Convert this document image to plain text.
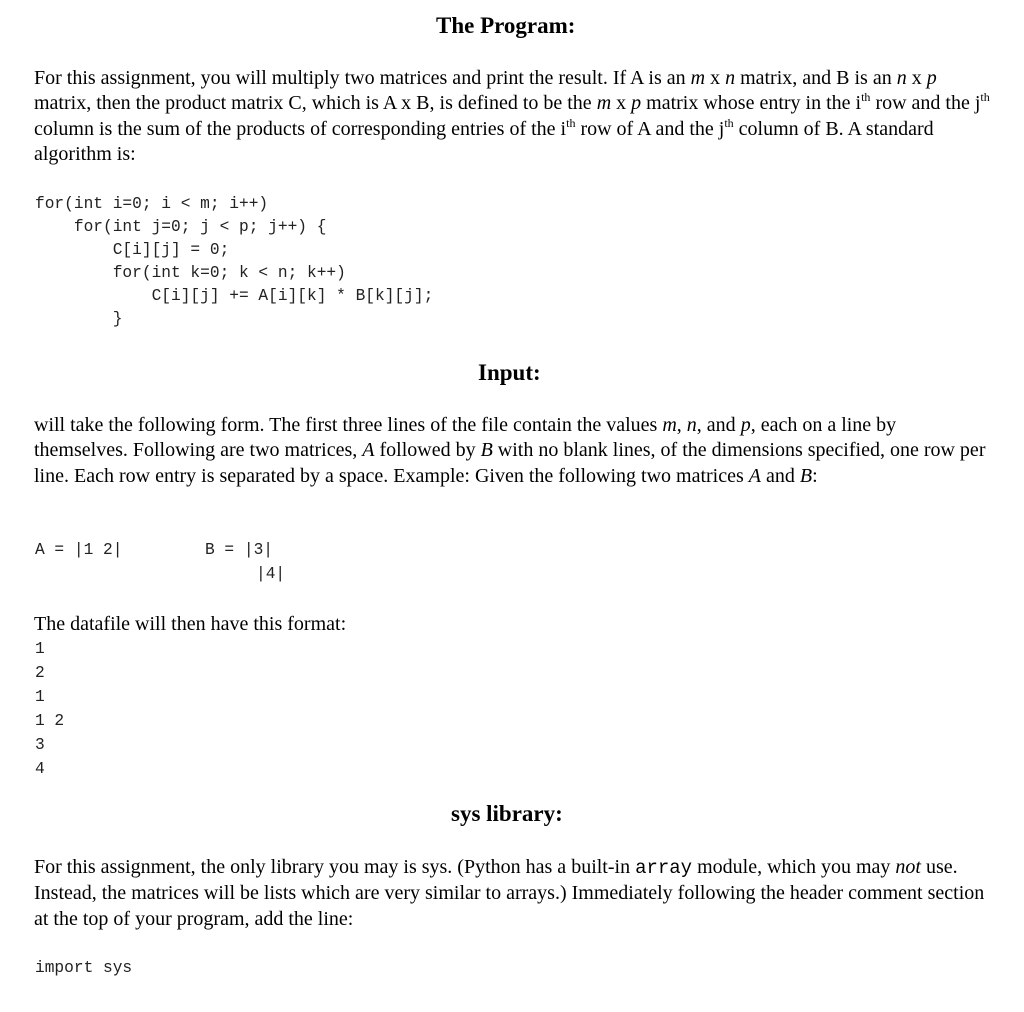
The Program:
For this assignment, you will multiply two matrices and print the result. If A is an m x n matrix, and B is an n x p matrix, then the product matrix C, which is A x B, is defined to be the m x p matrix whose entry in the $i^{th}$ row and the $j^{th}$ column is the sum of the products of corresponding entries of the $i^{th}$ row of A and the $j^{th}$ column of B. A standard algorithm is:
for(int i=0; i < m; i++)
for(int j=0; j < p; j++) {
C[i][j] = 0;
for(int k=0; k < n; k++)
C[i][j] += A[i][k] * B[k][j];
}
Input:
will take the following form. The first three lines of the file contain the values m, n, and p, each on a line by themselves. Following are two matrices, A followed by B with no blank lines, of the dimensions specified, one row per line. Each row entry is separated by a space. Example: Given the following two matrices A and B:
A = |1 2|	B = |3|
|4|
The datafile will then have this format:
1
2
1
1 2
3
4
sys library:
For this assignment, the only library you may is sys. (Python has a built-in array module, which you may not use. Instead, the matrices will be lists which are very similar to arrays.) Immediately following the header comment section at the top of your program, add the line:
import sys
